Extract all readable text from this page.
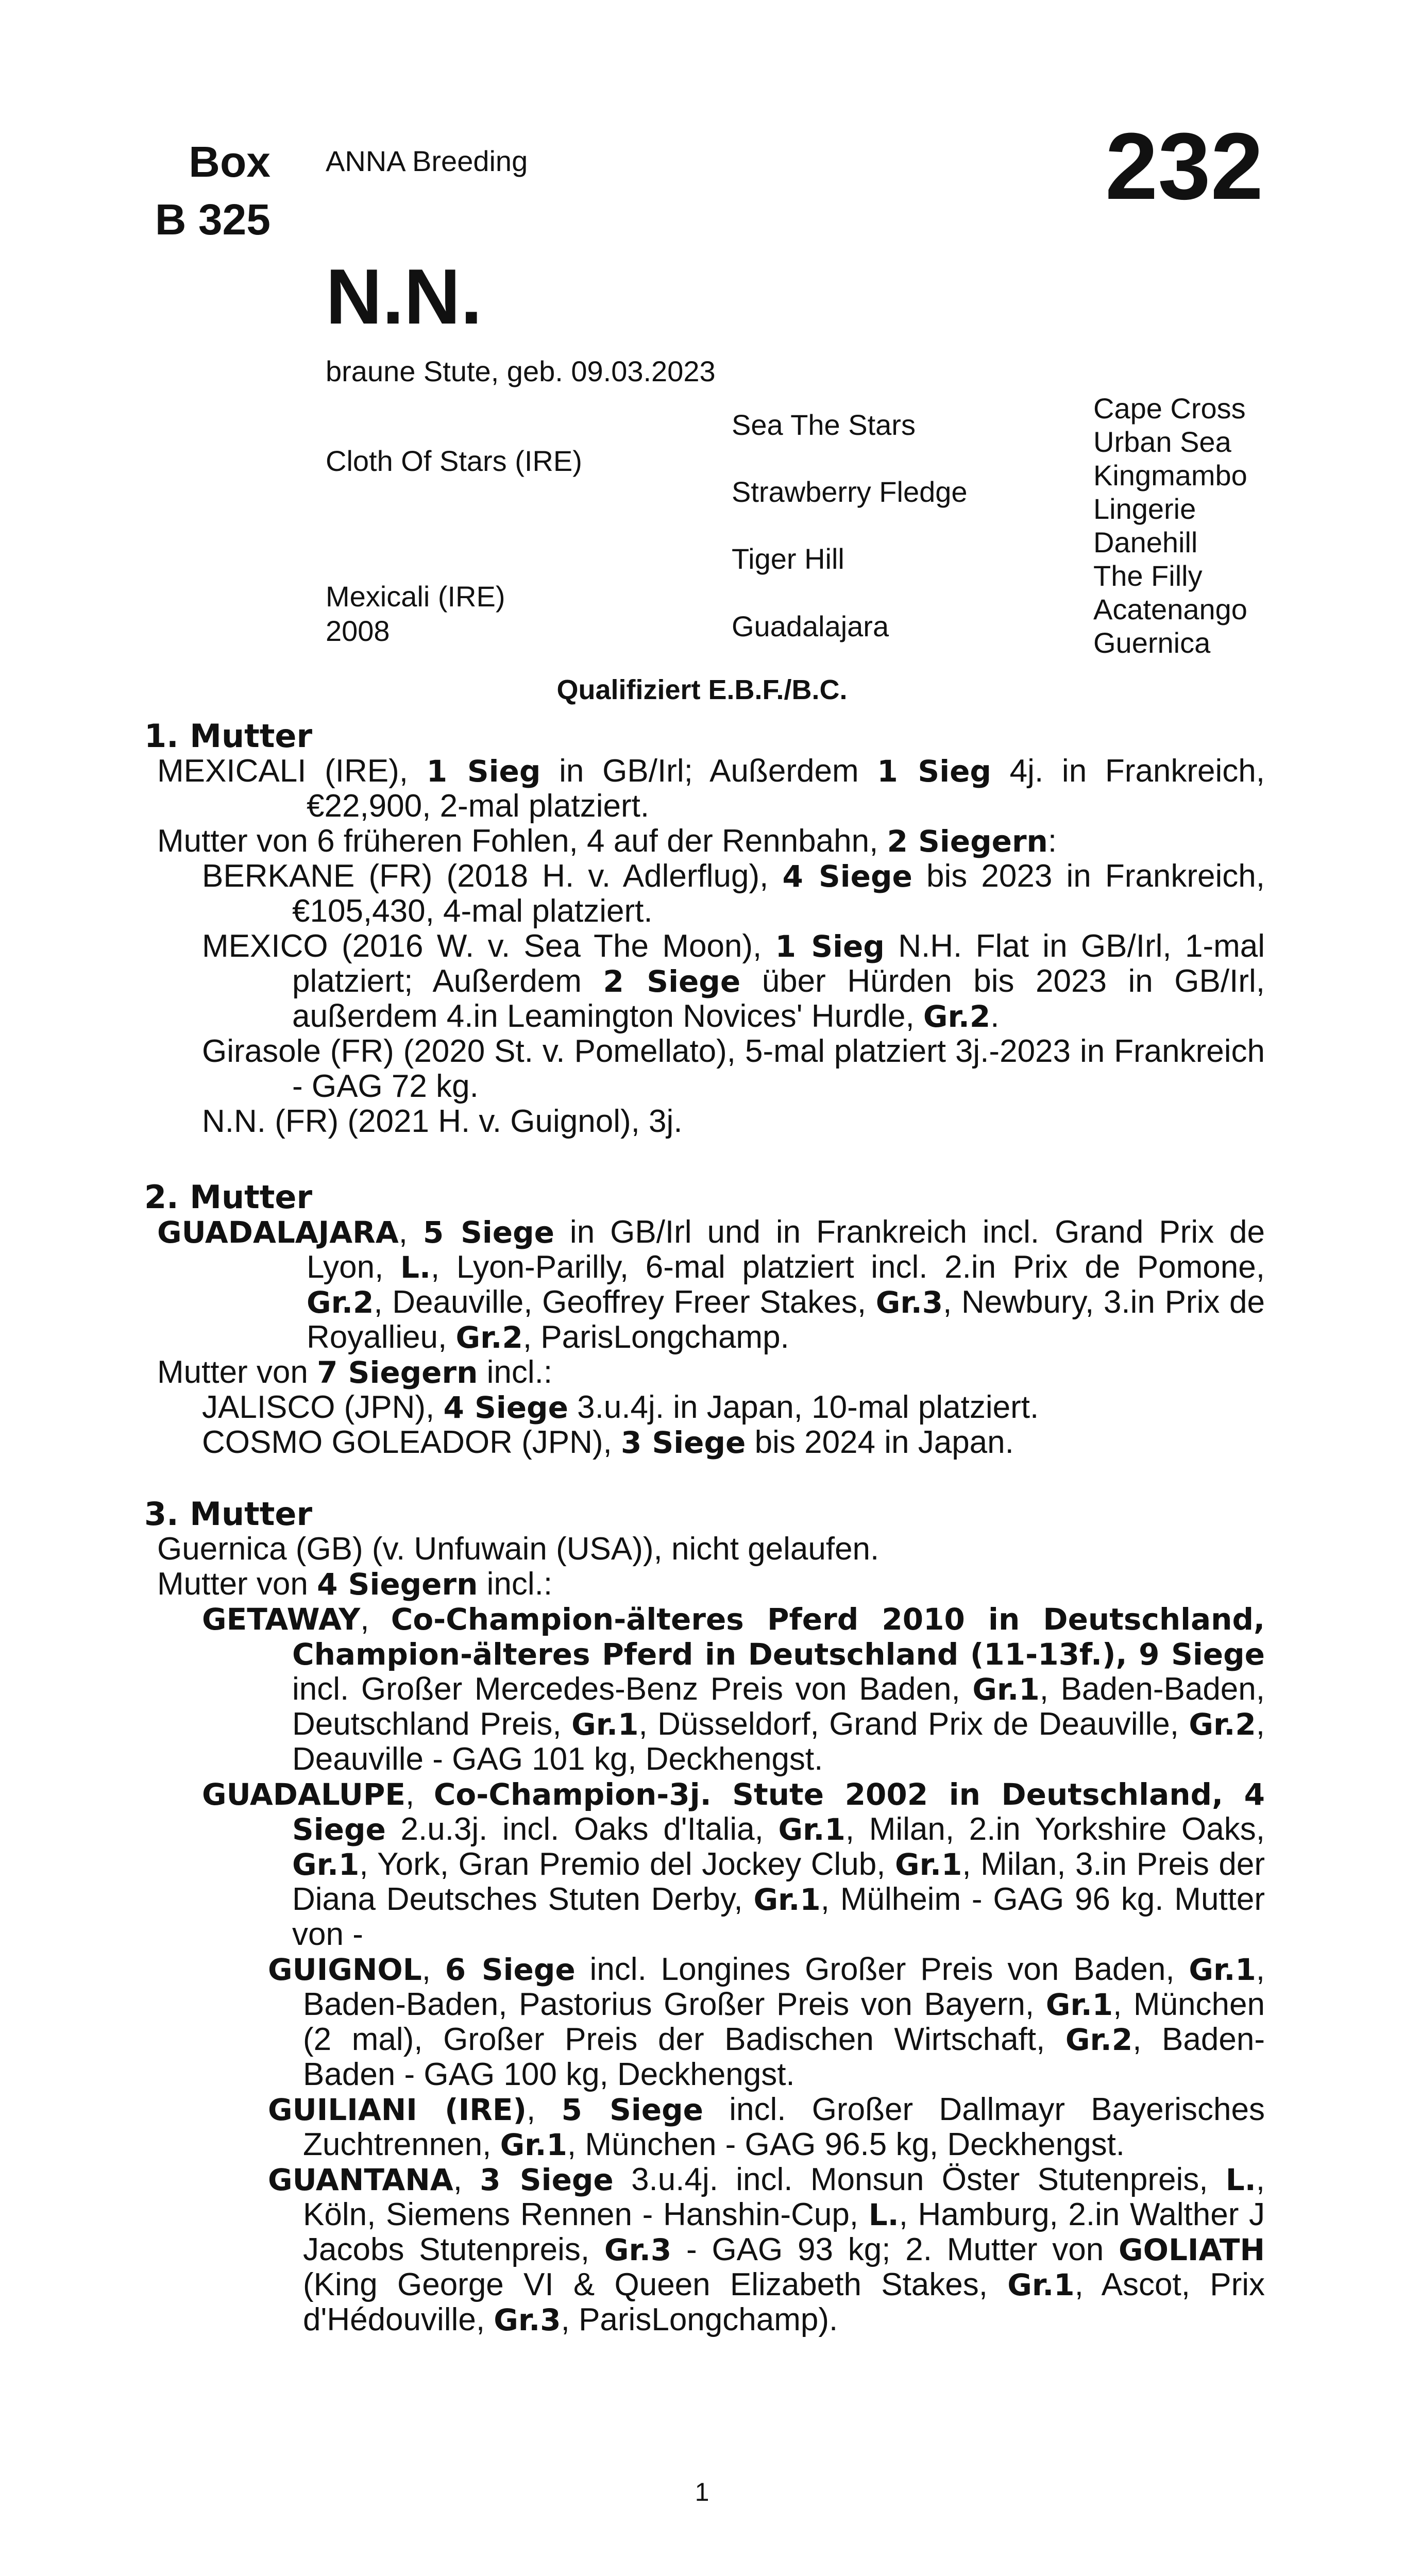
Box
B 325
ANNA Breeding	232
N.N.
braune Stute, geb. 09.03.2023
Cloth Of Stars (IRE)
Mexicali (IRE)
2008
Sea The Stars
Strawberry Fledge
Tiger Hill
Guadalajara
Cape Cross
Urban Sea
Kingmambo
Lingerie
Danehill
The Filly
Acatenango
Guernica
Qualifiziert E.B.F./B.C.
1. Mutter
MEXICALI (IRE), 1 Sieg in GB/Irl; Außerdem 1 Sieg 4j. in Frankreich, €22,900, 2-mal platziert.
Mutter von 6 früheren Fohlen, 4 auf der Rennbahn, 2 Siegern:
BERKANE (FR) (2018 H. v. Adlerflug), 4 Siege bis 2023 in Frankreich, €105,430, 4-mal platziert.
MEXICO (2016 W. v. Sea The Moon), 1 Sieg N.H. Flat in GB/Irl, 1-mal platziert; Außerdem 2 Siege über Hürden bis 2023 in GB/Irl, außerdem 4.in Leamington Novices' Hurdle, Gr.2.
Girasole (FR) (2020 St. v. Pomellato), 5-mal platziert 3j.-2023 in Frankreich - GAG 72 kg.
N.N. (FR) (2021 H. v. Guignol), 3j.
2. Mutter
GUADALAJARA, 5 Siege in GB/Irl und in Frankreich incl. Grand Prix de Lyon, L., Lyon-Parilly, 6-mal platziert incl. 2.in Prix de Pomone, Gr.2, Deauville, Geoffrey Freer Stakes, Gr.3, Newbury, 3.in Prix de Royallieu, Gr.2, ParisLongchamp.
Mutter von 7 Siegern incl.:
JALISCO (JPN), 4 Siege 3.u.4j. in Japan, 10-mal platziert.
COSMO GOLEADOR (JPN), 3 Siege bis 2024 in Japan.
3. Mutter
Guernica (GB) (v. Unfuwain (USA)), nicht gelaufen.
Mutter von 4 Siegern incl.:
GETAWAY, Co-Champion-älteres Pferd 2010 in Deutschland, Champion-älteres Pferd in Deutschland (11-13f.), 9 Siege incl. Großer Mercedes-Benz Preis von Baden, Gr.1, Baden-Baden, Deutschland Preis, Gr.1, Düsseldorf, Grand Prix de Deauville, Gr.2, Deauville - GAG 101 kg, Deckhengst.
GUADALUPE, Co-Champion-3j. Stute 2002 in Deutschland, 4 Siege 2.u.3j. incl. Oaks d'Italia, Gr.1, Milan, 2.in Yorkshire Oaks, Gr.1, York, Gran Premio del Jockey Club, Gr.1, Milan, 3.in Preis der Diana Deutsches Stuten Derby, Gr.1, Mülheim - GAG 96 kg. Mutter von -
GUIGNOL, 6 Siege incl. Longines Großer Preis von Baden, Gr.1, Baden-Baden, Pastorius Großer Preis von Bayern, Gr.1, München (2 mal), Großer Preis der Badischen Wirtschaft, Gr.2, Baden-Baden - GAG 100 kg, Deckhengst.
GUILIANI (IRE), 5 Siege incl. Großer Dallmayr Bayerisches Zuchtrennen, Gr.1, München - GAG 96.5 kg, Deckhengst.
GUANTANA, 3 Siege 3.u.4j. incl. Monsun Öster Stutenpreis, L., Köln, Siemens Rennen - Hanshin-Cup, L., Hamburg, 2.in Walther J Jacobs Stutenpreis, Gr.3 - GAG 93 kg; 2. Mutter von GOLIATH (King George VI & Queen Elizabeth Stakes, Gr.1, Ascot, Prix d'Hédouville, Gr.3, ParisLongchamp).
1
